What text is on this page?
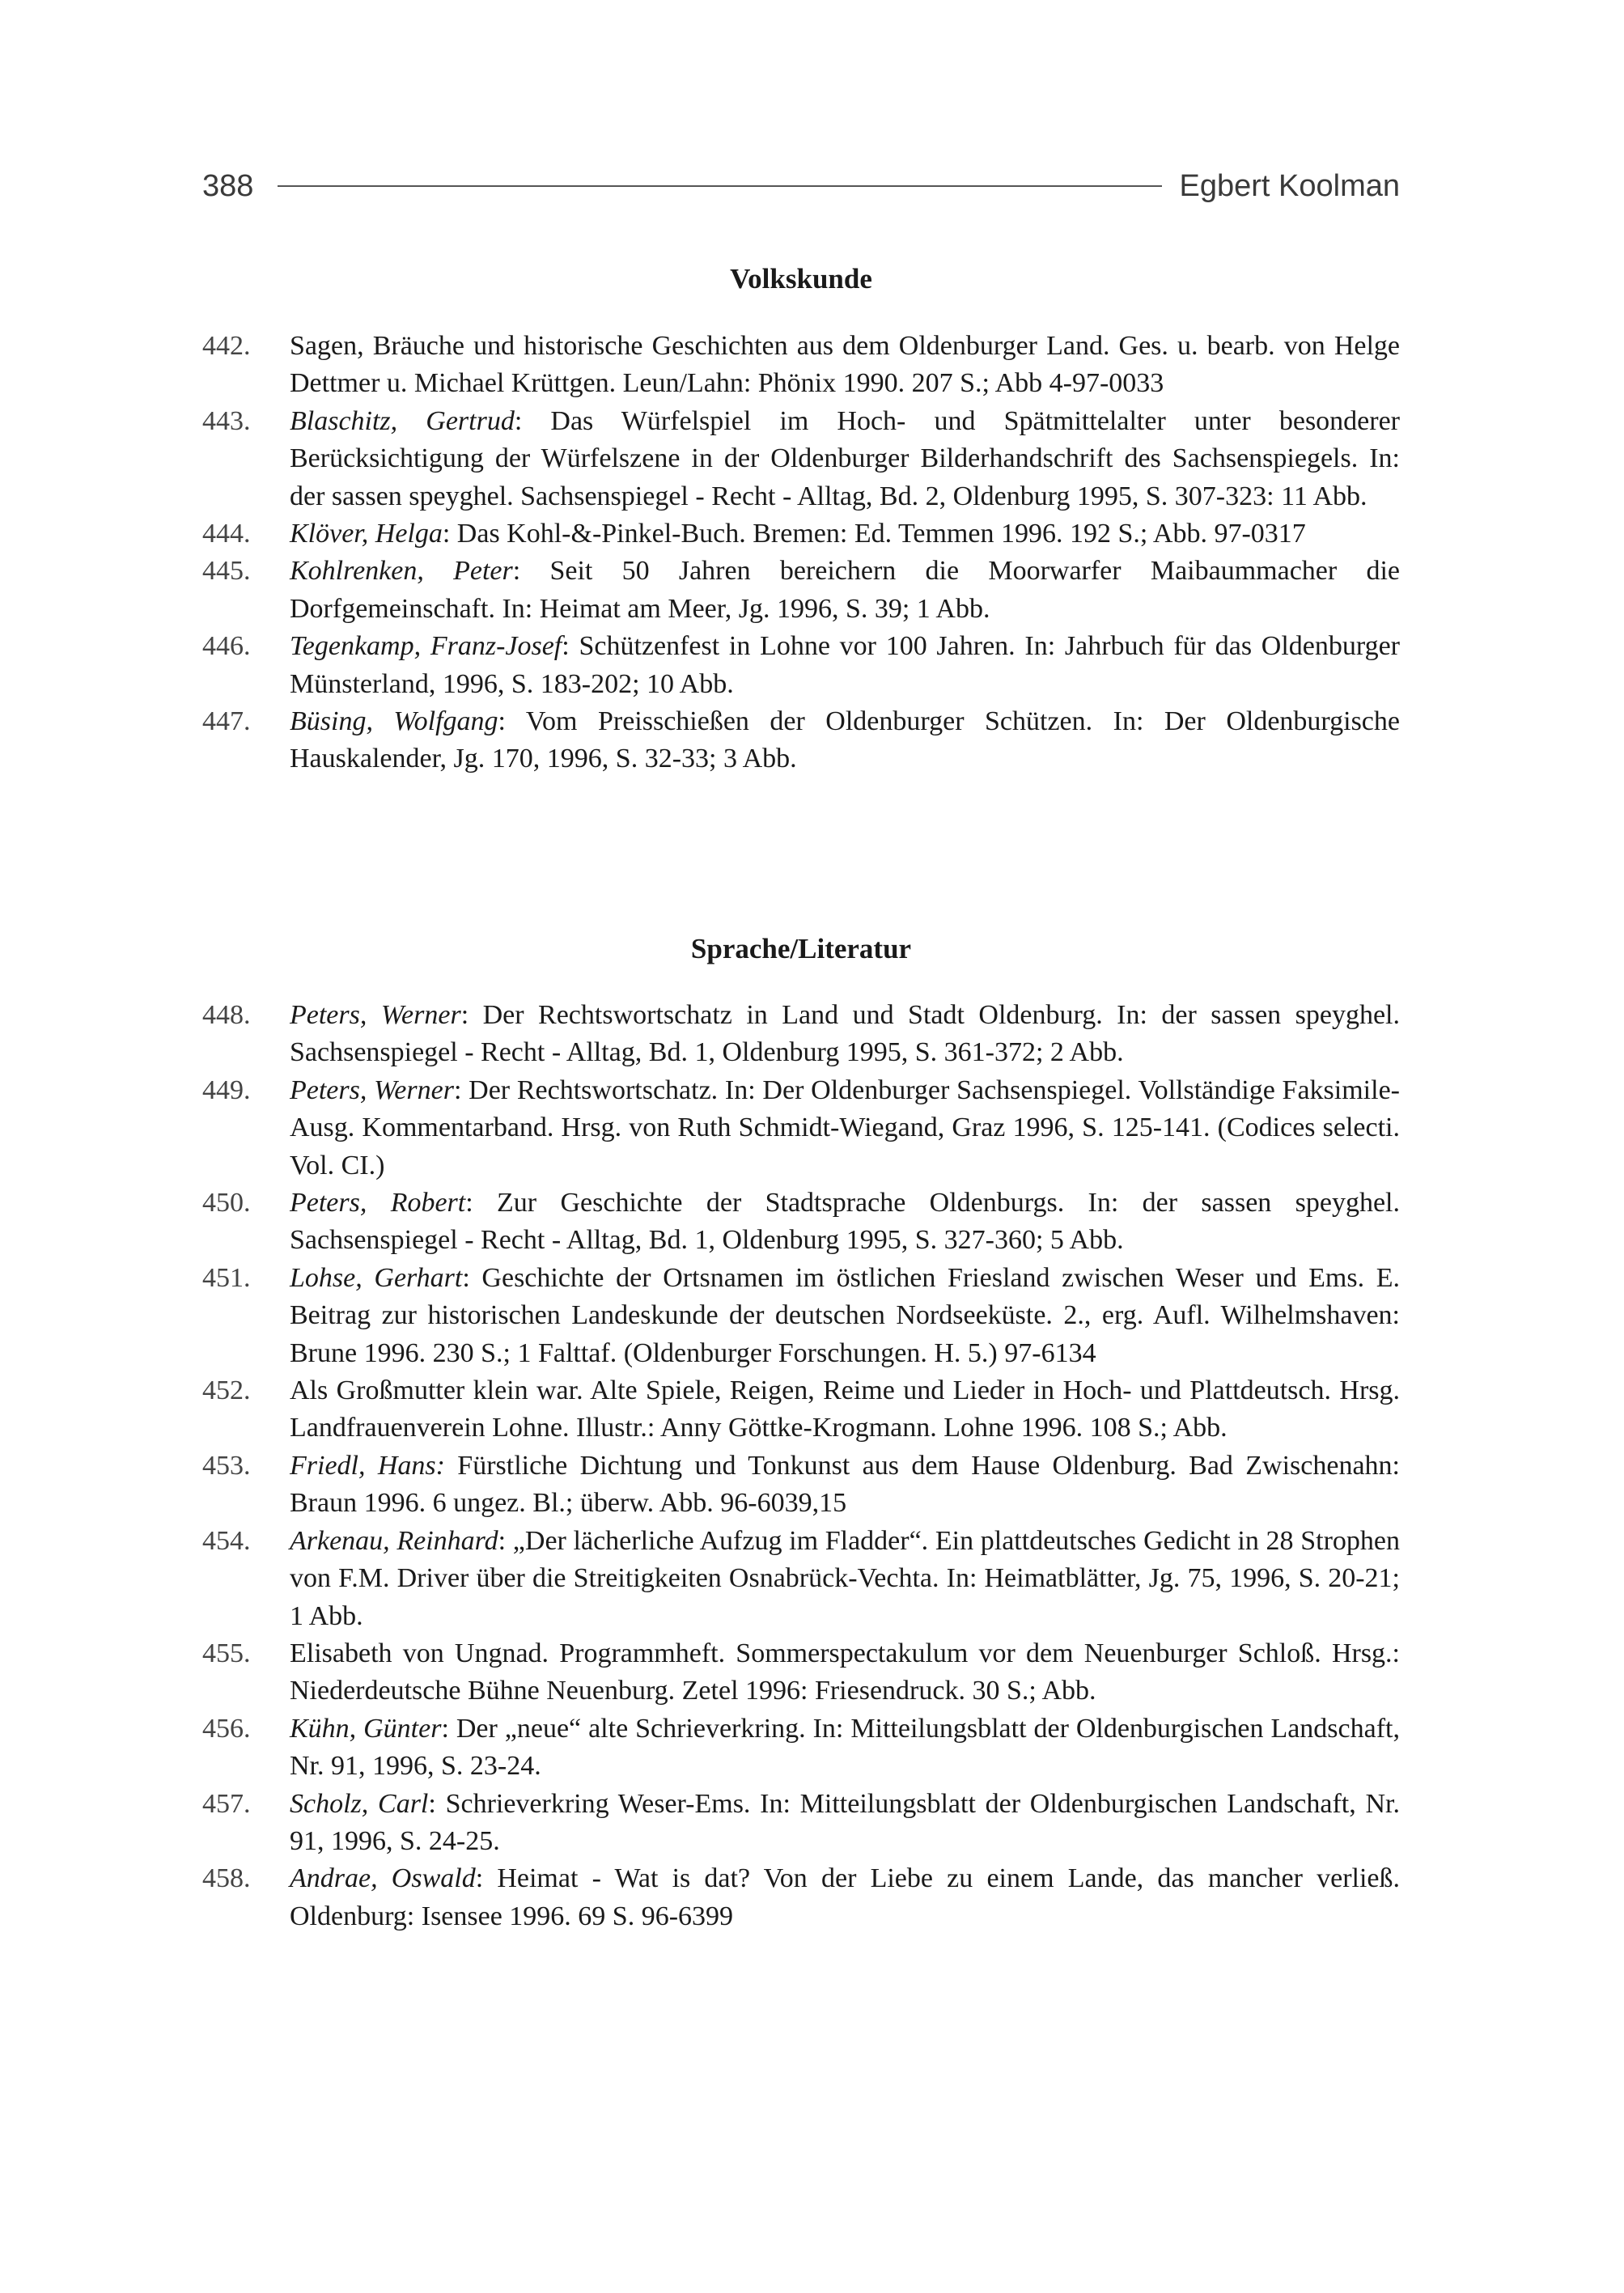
388	Egbert Koolman
Volkskunde
442. Sagen, Bräuche und historische Geschichten aus dem Oldenburger Land. Ges. u. bearb. von Helge Dettmer u. Michael Krüttgen. Leun/Lahn: Phönix 1990. 207 S.; Abb 4-97-0033
443. Blaschitz, Gertrud: Das Würfelspiel im Hoch- und Spätmittelalter unter besonderer Berücksichtigung der Würfelszene in der Oldenburger Bilderhandschrift des Sachsenspiegels. In: der sassen speyghel. Sachsenspiegel - Recht - Alltag, Bd. 2, Oldenburg 1995, S. 307-323: 11 Abb.
444. Klöver, Helga: Das Kohl-&-Pinkel-Buch. Bremen: Ed. Temmen 1996. 192 S.; Abb. 97-0317
445. Kohlrenken, Peter: Seit 50 Jahren bereichern die Moorwarfer Maibaummacher die Dorfgemeinschaft. In: Heimat am Meer, Jg. 1996, S. 39; 1 Abb.
446. Tegenkamp, Franz-Josef: Schützenfest in Lohne vor 100 Jahren. In: Jahrbuch für das Oldenburger Münsterland, 1996, S. 183-202; 10 Abb.
447. Büsing, Wolfgang: Vom Preisschießen der Oldenburger Schützen. In: Der Oldenburgische Hauskalender, Jg. 170, 1996, S. 32-33; 3 Abb.
Sprache/Literatur
448. Peters, Werner: Der Rechtswortschatz in Land und Stadt Oldenburg. In: der sassen speyghel. Sachsenspiegel - Recht - Alltag, Bd. 1, Oldenburg 1995, S. 361-372; 2 Abb.
449. Peters, Werner: Der Rechtswortschatz. In: Der Oldenburger Sachsenspiegel. Vollständige Faksimile-Ausg. Kommentarband. Hrsg. von Ruth Schmidt-Wiegand, Graz 1996, S. 125-141. (Codices selecti. Vol. CI.)
450. Peters, Robert: Zur Geschichte der Stadtsprache Oldenburgs. In: der sassen speyghel. Sachsenspiegel - Recht - Alltag, Bd. 1, Oldenburg 1995, S. 327-360; 5 Abb.
451. Lohse, Gerhart: Geschichte der Ortsnamen im östlichen Friesland zwischen Weser und Ems. E. Beitrag zur historischen Landeskunde der deutschen Nordseeküste. 2., erg. Aufl. Wilhelmshaven: Brune 1996. 230 S.; 1 Falttaf. (Oldenburger Forschungen. H. 5.) 97-6134
452. Als Großmutter klein war. Alte Spiele, Reigen, Reime und Lieder in Hoch- und Plattdeutsch. Hrsg. Landfrauenverein Lohne. Illustr.: Anny Göttke-Krogmann. Lohne 1996. 108 S.; Abb.
453. Friedl, Hans: Fürstliche Dichtung und Tonkunst aus dem Hause Oldenburg. Bad Zwischenahn: Braun 1996. 6 ungez. Bl.; überw. Abb. 96-6039,15
454. Arkenau, Reinhard: „Der lächerliche Aufzug im Fladder“. Ein plattdeutsches Gedicht in 28 Strophen von F.M. Driver über die Streitigkeiten Osnabrück-Vechta. In: Heimatblätter, Jg. 75, 1996, S. 20-21; 1 Abb.
455. Elisabeth von Ungnad. Programmheft. Sommerspectakulum vor dem Neuenburger Schloß. Hrsg.: Niederdeutsche Bühne Neuenburg. Zetel 1996: Friesendruck. 30 S.; Abb.
456. Kühn, Günter: Der „neue“ alte Schrieverkring. In: Mitteilungsblatt der Oldenburgischen Landschaft, Nr. 91, 1996, S. 23-24.
457. Scholz, Carl: Schrieverkring Weser-Ems. In: Mitteilungsblatt der Oldenburgischen Landschaft, Nr. 91, 1996, S. 24-25.
458. Andrae, Oswald: Heimat - Wat is dat? Von der Liebe zu einem Lande, das mancher verließ. Oldenburg: Isensee 1996. 69 S. 96-6399
